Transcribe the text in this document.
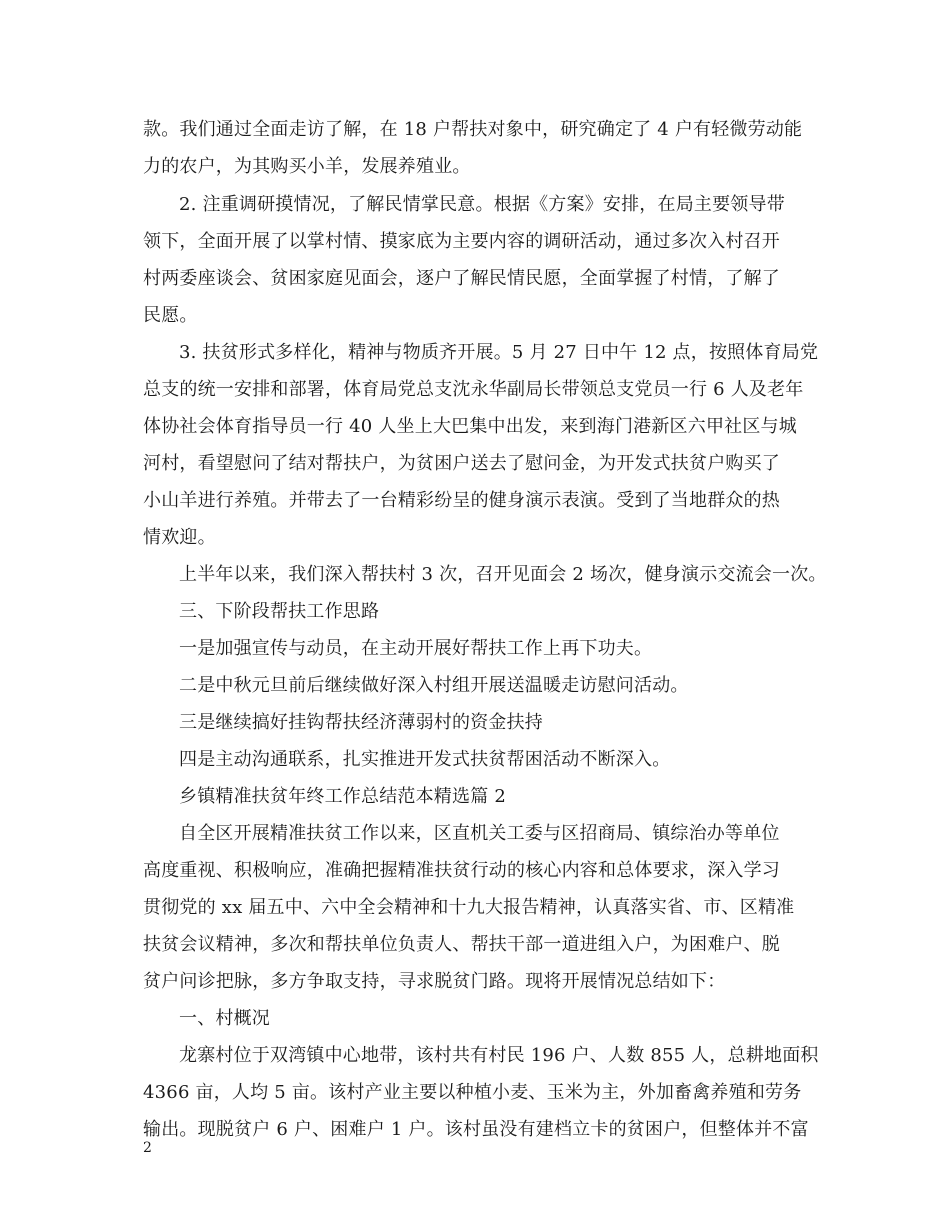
款。我们通过全面走访了解，在 18 户帮扶对象中，研究确定了 4 户有轻微劳动能
力的农户，为其购买小羊，发展养殖业。
2. 注重调研摸情况，了解民情掌民意。根据《方案》安排，在局主要领导带
领下，全面开展了以掌村情、摸家底为主要内容的调研活动，通过多次入村召开
村两委座谈会、贫困家庭见面会，逐户了解民情民愿，全面掌握了村情，了解了
民愿。
3. 扶贫形式多样化，精神与物质齐开展。5 月 27 日中午 12 点，按照体育局党
总支的统一安排和部署，体育局党总支沈永华副局长带领总支党员一行 6 人及老年
体协社会体育指导员一行 40 人坐上大巴集中出发，来到海门港新区六甲社区与城
河村，看望慰问了结对帮扶户，为贫困户送去了慰问金，为开发式扶贫户购买了
小山羊进行养殖。并带去了一台精彩纷呈的健身演示表演。受到了当地群众的热
情欢迎。
上半年以来，我们深入帮扶村 3 次，召开见面会 2 场次，健身演示交流会一次。
三、下阶段帮扶工作思路
一是加强宣传与动员，在主动开展好帮扶工作上再下功夫。
二是中秋元旦前后继续做好深入村组开展送温暖走访慰问活动。
三是继续搞好挂钩帮扶经济薄弱村的资金扶持
四是主动沟通联系，扎实推进开发式扶贫帮困活动不断深入。
乡镇精准扶贫年终工作总结范本精选篇 2
自全区开展精准扶贫工作以来，区直机关工委与区招商局、镇综治办等单位
高度重视、积极响应，准确把握精准扶贫行动的核心内容和总体要求，深入学习
贯彻党的 xx 届五中、六中全会精神和十九大报告精神，认真落实省、市、区精准
扶贫会议精神，多次和帮扶单位负责人、帮扶干部一道进组入户，为困难户、脱
贫户问诊把脉，多方争取支持，寻求脱贫门路。现将开展情况总结如下：
一、村概况
龙寨村位于双湾镇中心地带，该村共有村民 196 户、人数 855 人，总耕地面积
4366 亩，人均 5 亩。该村产业主要以种植小麦、玉米为主，外加畜禽养殖和劳务
输出。现脱贫户 6 户、困难户 1 户。该村虽没有建档立卡的贫困户，但整体并不富
2
